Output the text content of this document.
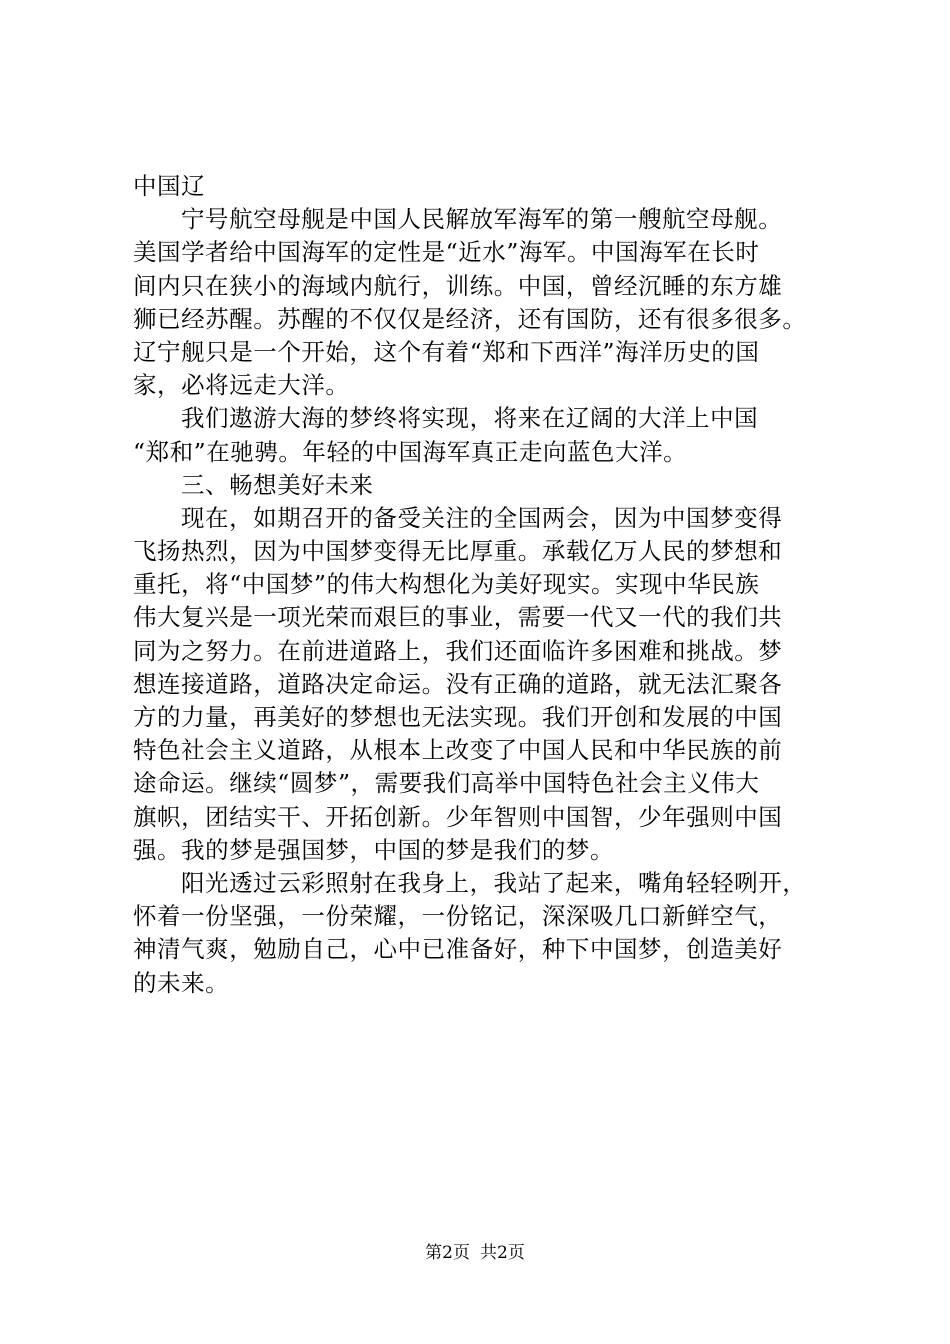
中国辽
宁号航空母舰是中国人民解放军海军的第一艘航空母舰。
美国学者给中国海军的定性是“近水”海军。中国海军在长时
间内只在狭小的海域内航行，训练。中国，曾经沉睡的东方雄
狮已经苏醒。苏醒的不仅仅是经济，还有国防，还有很多很多。
辽宁舰只是一个开始，这个有着“郑和下西洋”海洋历史的国
家，必将远走大洋。
我们遨游大海的梦终将实现，将来在辽阔的大洋上中国
“郑和”在驰骋。年轻的中国海军真正走向蓝色大洋。
三、畅想美好未来
现在，如期召开的备受关注的全国两会，因为中国梦变得
飞扬热烈，因为中国梦变得无比厚重。承载亿万人民的梦想和
重托，将“中国梦”的伟大构想化为美好现实。实现中华民族
伟大复兴是一项光荣而艰巨的事业，需要一代又一代的我们共
同为之努力。在前进道路上，我们还面临许多困难和挑战。梦
想连接道路，道路决定命运。没有正确的道路，就无法汇聚各
方的力量，再美好的梦想也无法实现。我们开创和发展的中国
特色社会主义道路，从根本上改变了中国人民和中华民族的前
途命运。继续“圆梦”，需要我们高举中国特色社会主义伟大
旗帜，团结实干、开拓创新。少年智则中国智，少年强则中国
强。我的梦是强国梦，中国的梦是我们的梦。
阳光透过云彩照射在我身上，我站了起来，嘴角轻轻咧开，
怀着一份坚强，一份荣耀，一份铭记，深深吸几口新鲜空气，
神清气爽，勉励自己，心中已准备好，种下中国梦，创造美好
的未来。
第2页 共2页
